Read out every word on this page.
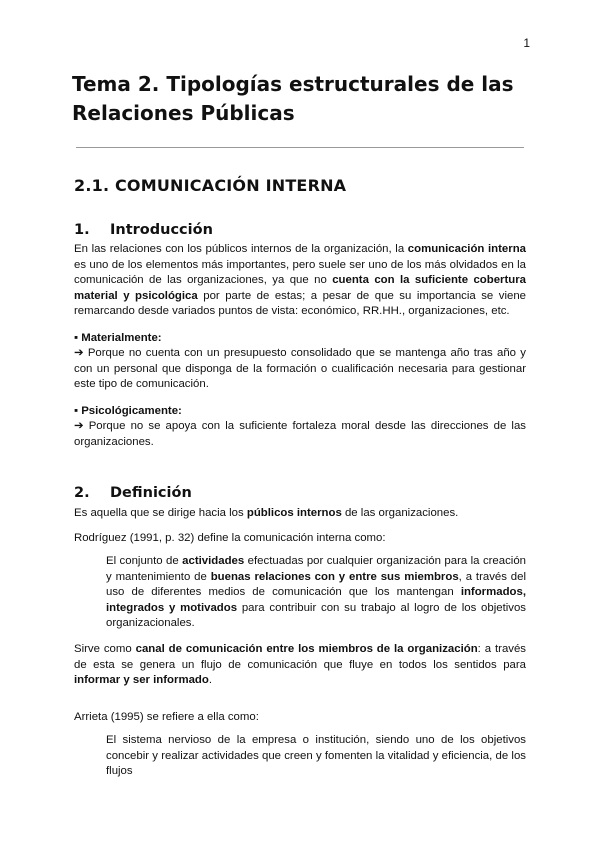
1
Tema 2. Tipologías estructurales de las Relaciones Públicas
2.1. COMUNICACIÓN INTERNA
1. Introducción
En las relaciones con los públicos internos de la organización, la comunicación interna es uno de los elementos más importantes, pero suele ser uno de los más olvidados en la comunicación de las organizaciones, ya que no cuenta con la suficiente cobertura material y psicológica por parte de estas; a pesar de que su importancia se viene remarcando desde variados puntos de vista: económico, RR.HH., organizaciones, etc.
▪ Materialmente:
➔ Porque no cuenta con un presupuesto consolidado que se mantenga año tras año y con un personal que disponga de la formación o cualificación necesaria para gestionar este tipo de comunicación.
▪ Psicológicamente:
➔ Porque no se apoya con la suficiente fortaleza moral desde las direcciones de las organizaciones.
2. Definición
Es aquella que se dirige hacia los públicos internos de las organizaciones.
Rodríguez (1991, p. 32) define la comunicación interna como:
El conjunto de actividades efectuadas por cualquier organización para la creación y mantenimiento de buenas relaciones con y entre sus miembros, a través del uso de diferentes medios de comunicación que los mantengan informados, integrados y motivados para contribuir con su trabajo al logro de los objetivos organizacionales.
Sirve como canal de comunicación entre los miembros de la organización: a través de esta se genera un flujo de comunicación que fluye en todos los sentidos para informar y ser informado.
Arrieta (1995) se refiere a ella como:
El sistema nervioso de la empresa o institución, siendo uno de los objetivos concebir y realizar actividades que creen y fomenten la vitalidad y eficiencia, de los flujos
